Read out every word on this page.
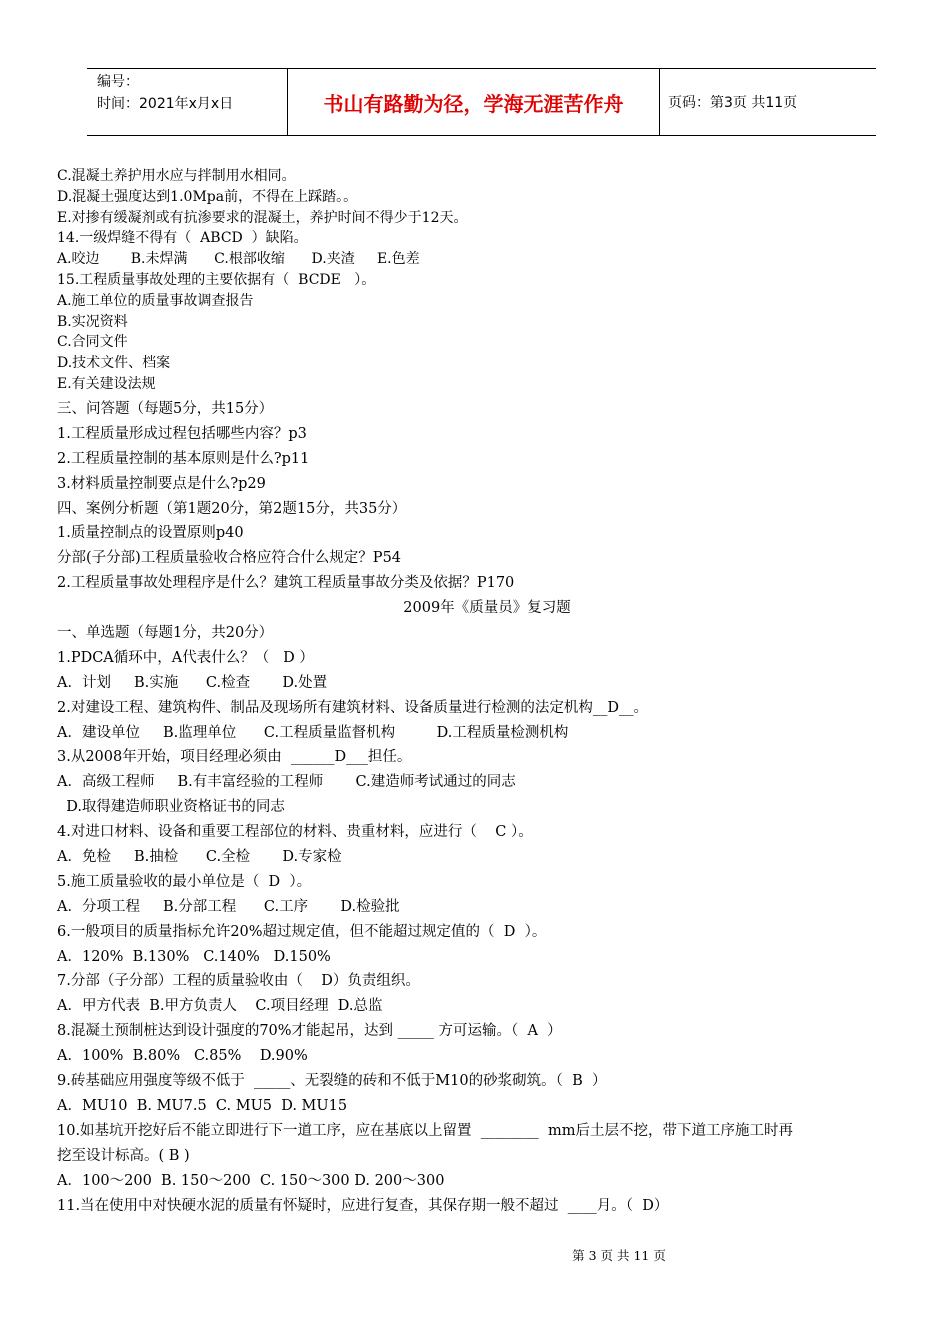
编号：
时间：2021年x月x日	书山有路勤为径，学海无涯苦作舟	页码：第3页 共11页
C.混凝土养护用水应与拌制用水相同。
D.混凝土强度达到1.0Mpa前，不得在上踩踏。。
E.对掺有缓凝剂或有抗渗要求的混凝土，养护时间不得少于12天。
14.一级焊缝不得有（  ABCD  ）缺陷。
A.咬边       B.未焊满      C.根部收缩      D.夹渣     E.色差
15.工程质量事故处理的主要依据有（  BCDE   ）。
A.施工单位的质量事故调查报告
B.实况资料
C.合同文件
D.技术文件、档案
E.有关建设法规
三、问答题（每题5分，共15分）
1.工程质量形成过程包括哪些内容？p3
2.工程质量控制的基本原则是什么?p11
3.材料质量控制要点是什么?p29
四、案例分析题（第1题20分，第2题15分，共35分）
1.质量控制点的设置原则p40
分部(子分部)工程质量验收合格应符合什么规定？P54
2.工程质量事故处理程序是什么？建筑工程质量事故分类及依据？P170
2009年《质量员》复习题
一、单选题（每题1分，共20分）
1.PDCA循环中，A代表什么？（   D ）
A．计划     B.实施      C.检查       D.处置
2.对建设工程、建筑构件、制品及现场所有建筑材料、设备质量进行检测的法定机构__D__。
A．建设单位     B.监理单位      C.工程质量监督机构         D.工程质量检测机构
3.从2008年开始，项目经理必须由  ______D___担任。
A．高级工程师     B.有丰富经验的工程师       C.建造师考试通过的同志
D.取得建造师职业资格证书的同志
4.对进口材料、设备和重要工程部位的材料、贵重材料，应进行（    C ）。
A．免检     B.抽检      C.全检       D.专家检
5.施工质量验收的最小单位是（  D  ）。
A．分项工程     B.分部工程      C.工序       D.检验批
6.一般项目的质量指标允许20%超过规定值，但不能超过规定值的（  D  ）。
A．120%  B.130%   C.140%   D.150%
7.分部（子分部）工程的质量验收由（    D）负责组织。
A．甲方代表  B.甲方负责人    C.项目经理  D.总监
8.混凝土预制桩达到设计强度的70%才能起吊，达到 _____ 方可运输。（  A  ）
A．100%  B.80%   C.85%    D.90%
9.砖基础应用强度等级不低于  _____、无裂缝的砖和不低于M10的砂浆砌筑。（  B  ）
A．MU10  B. MU7.5  C. MU5  D. MU15
10.如基坑开挖好后不能立即进行下一道工序，应在基底以上留置  ________  mm后土层不挖，带下道工序施工时再
挖至设计标高。( B )
A．100～200  B. 150～200  C. 150～300 D. 200～300
11.当在使用中对快硬水泥的质量有怀疑时，应进行复查，其保存期一般不超过  ____月。（  D）
第 3 页 共 11 页
